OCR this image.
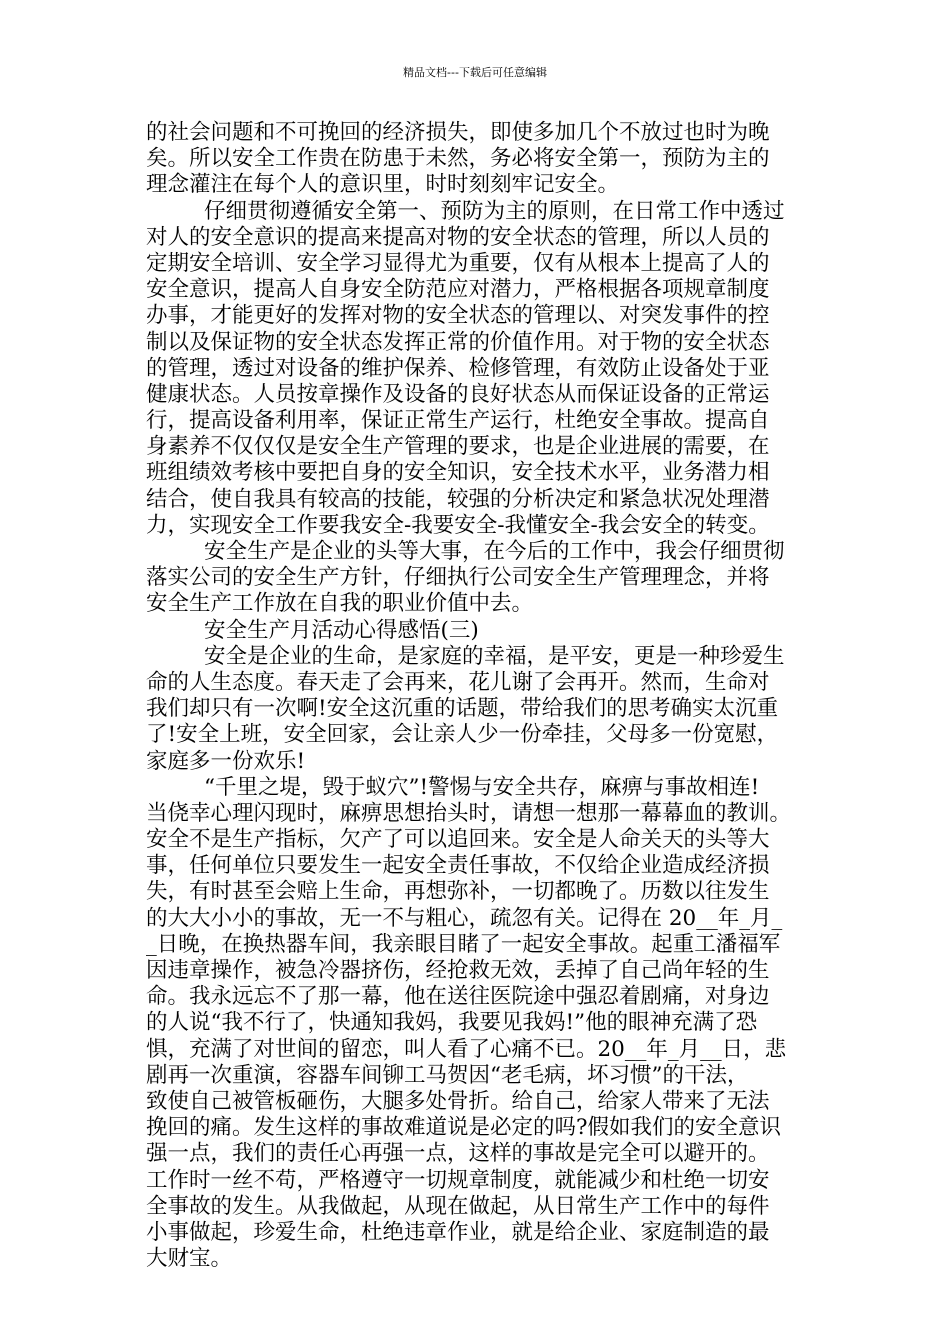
精品文档---下载后可任意编辑
的社会问题和不可挽回的经济损失，即使多加几个不放过也时为晚
矣。所以安全工作贵在防患于未然，务必将安全第一，预防为主的
理念灌注在每个人的意识里，时时刻刻牢记安全。
仔细贯彻遵循安全第一、预防为主的原则，在日常工作中透过
对人的安全意识的提高来提高对物的安全状态的管理，所以人员的
定期安全培训、安全学习显得尤为重要，仅有从根本上提高了人的
安全意识，提高人自身安全防范应对潜力，严格根据各项规章制度
办事，才能更好的发挥对物的安全状态的管理以、对突发事件的控
制以及保证物的安全状态发挥正常的价值作用。对于物的安全状态
的管理，透过对设备的维护保养、检修管理，有效防止设备处于亚
健康状态。人员按章操作及设备的良好状态从而保证设备的正常运
行，提高设备利用率，保证正常生产运行，杜绝安全事故。提高自
身素养不仅仅仅是安全生产管理的要求，也是企业进展的需要，在
班组绩效考核中要把自身的安全知识，安全技术水平，业务潜力相
结合，使自我具有较高的技能，较强的分析决定和紧急状况处理潜
力，实现安全工作要我安全-我要安全-我懂安全-我会安全的转变。
安全生产是企业的头等大事，在今后的工作中，我会仔细贯彻
落实公司的安全生产方针，仔细执行公司安全生产管理理念，并将
安全生产工作放在自我的职业价值中去。
安全生产月活动心得感悟(三)
安全是企业的生命，是家庭的幸福，是平安，更是一种珍爱生
命的人生态度。春天走了会再来，花儿谢了会再开。然而，生命对
我们却只有一次啊!安全这沉重的话题，带给我们的思考确实太沉重
了!安全上班，安全回家，会让亲人少一份牵挂，父母多一份宽慰，
家庭多一份欢乐!
“千里之堤，毁于蚁穴”!警惕与安全共存，麻痹与事故相连!
当侥幸心理闪现时，麻痹思想抬头时，请想一想那一幕幕血的教训。
安全不是生产指标，欠产了可以追回来。安全是人命关天的头等大
事，任何单位只要发生一起安全责任事故，不仅给企业造成经济损
失，有时甚至会赔上生命，再想弥补，一切都晚了。历数以往发生
的大大小小的事故，无一不与粗心，疏忽有关。记得在 20__年_月_
_日晚，在换热器车间，我亲眼目睹了一起安全事故。起重工潘福军
因违章操作，被急冷器挤伤，经抢救无效，丢掉了自己尚年轻的生
命。我永远忘不了那一幕，他在送往医院途中强忍着剧痛，对身边
的人说“我不行了，快通知我妈，我要见我妈!”他的眼神充满了恐
惧，充满了对世间的留恋，叫人看了心痛不已。20__年_月__日，悲
剧再一次重演，容器车间铆工马贺因“老毛病，坏习惯”的干法，
致使自己被管板砸伤，大腿多处骨折。给自己，给家人带来了无法
挽回的痛。发生这样的事故难道说是必定的吗?假如我们的安全意识
强一点，我们的责任心再强一点，这样的事故是完全可以避开的。
工作时一丝不苟，严格遵守一切规章制度，就能减少和杜绝一切安
全事故的发生。从我做起，从现在做起，从日常生产工作中的每件
小事做起，珍爱生命，杜绝违章作业，就是给企业、家庭制造的最
大财宝。
